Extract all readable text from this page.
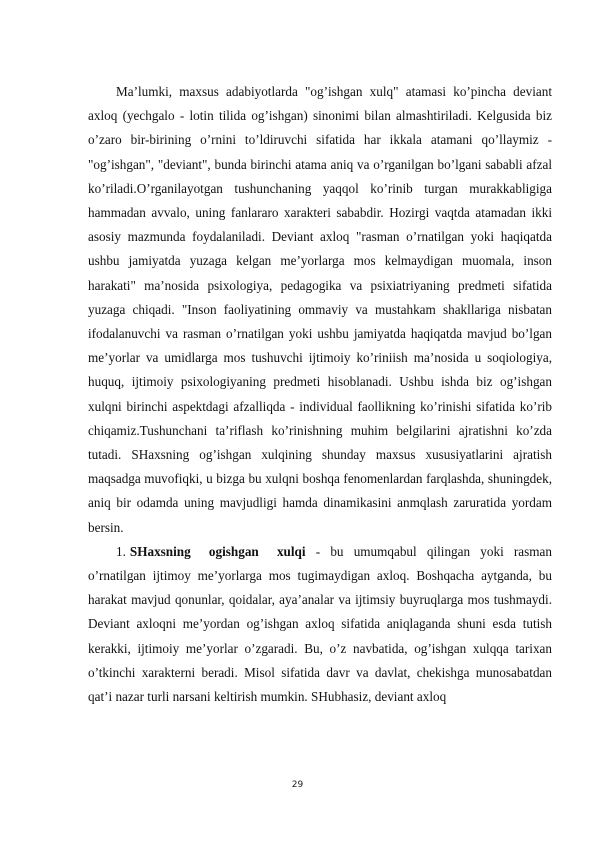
Ma’lumki, maxsus adabiyotlarda "og’ishgan xulq" atamasi ko’pincha deviant axloq (yechgalo - lotin tilida og’ishgan) sinonimi bilan almashtiriladi. Kelgusida biz o’zaro bir-birining o’rnini to’ldiruvchi sifatida har ikkala atamani qo’llaymiz - "og’ishgan", "deviant", bunda birinchi atama aniq va o’rganilgan bo’lgani sababli afzal ko’riladi.O’rganilayotgan tushunchaning yaqqol ko’rinib turgan murakkabligiga hammadan avvalo, uning fanlararo xarakteri sababdir. Hozirgi vaqtda atamadan ikki asosiy mazmunda foydalaniladi. Deviant axloq "rasman o’rnatilgan yoki haqiqatda ushbu jamiyatda yuzaga kelgan me’yorlarga mos kelmaydigan muomala, inson harakati" ma’nosida psixologiya, pedagogika va psixiatriyaning predmeti sifatida yuzaga chiqadi. "Inson faoliyatining ommaviy va mustahkam shakllariga nisbatan ifodalanuvchi va rasman o’rnatilgan yoki ushbu jamiyatda haqiqatda mavjud bo’lgan me’yorlar va umidlarga mos tushuvchi ijtimoiy ko’riniish ma’nosida u soqiologiya, huquq, ijtimoiy psixologiyaning predmeti hisoblanadi. Ushbu ishda biz og’ishgan xulqni birinchi aspektdagi afzalliqda - individual faollikning ko’rinishi sifatida ko’rib chiqamiz.Tushunchani ta’riflash ko’rinishning muhim belgilarini ajratishni ko’zda tutadi. SHaxsning og’ishgan xulqining shunday maxsus xususiyatlarini ajratish maqsadga muvofiqki, u bizga bu xulqni boshqa fenomenlardan farqlashda, shuningdek, aniq bir odamda uning mavjudligi hamda dinamikasini anmqlash zaruratida yordam bersin.

1. SHaxsning ogishgan xulqi - bu umumqabul qilingan yoki rasman o’rnatilgan ijtimoy me’yorlarga mos tugimaydigan axloq. Boshqacha aytganda, bu harakat mavjud qonunlar, qoidalar, aya’analar va ijtimsiy buyruqlarga mos tushmaydi. Deviant axloqni me’yordan og’ishgan axloq sifatida aniqlaganda shuni esda tutish kerakki, ijtimoiy me’yorlar o’zgaradi. Bu, o’z navbatida, og’ishgan xulqqa tarixan o’tkinchi xarakterni beradi. Misol sifatida davr va davlat, chekishga munosabatdan qat’i nazar turli narsani keltirish mumkin. SHubhasiz, deviant axloq

29
